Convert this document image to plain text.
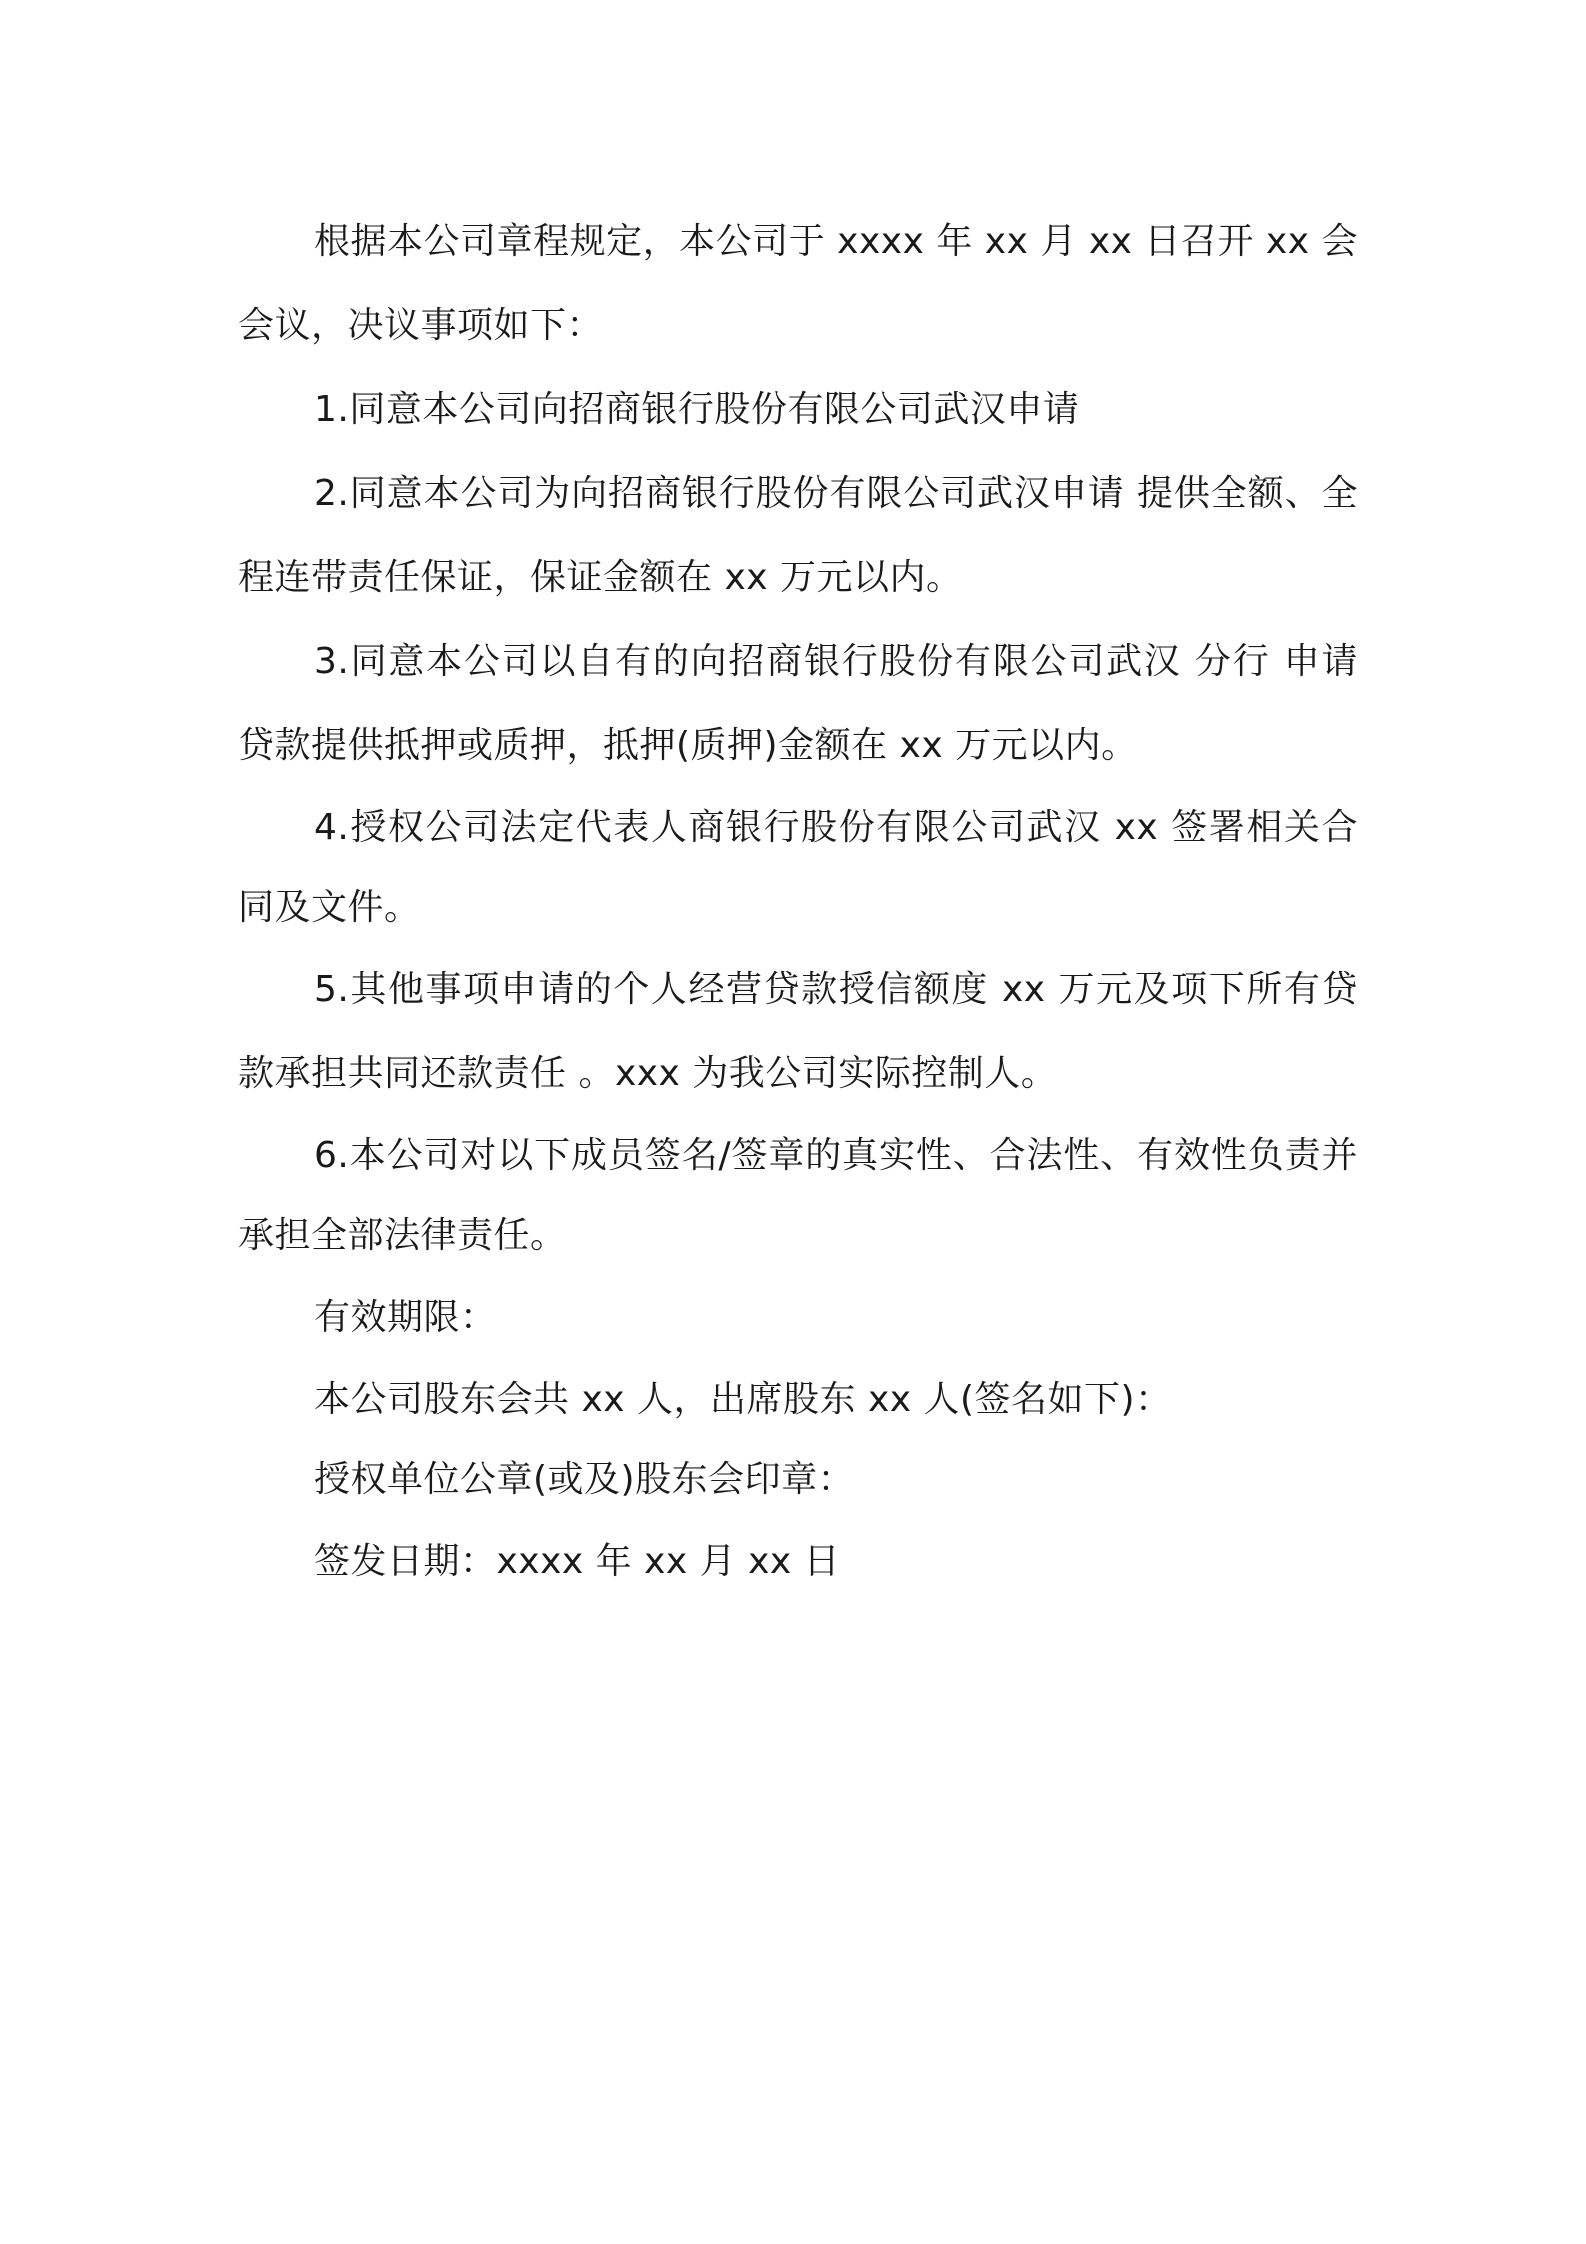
根据本公司章程规定，本公司于 xxxx 年 xx 月 xx 日召开 xx 会会议，决议事项如下：

1.同意本公司向招商银行股份有限公司武汉申请

2.同意本公司为向招商银行股份有限公司武汉申请 提供全额、全程连带责任保证，保证金额在 xx 万元以内。

3.同意本公司以自有的向招商银行股份有限公司武汉 分行 申请 贷款提供抵押或质押，抵押(质押)金额在 xx 万元以内。

4.授权公司法定代表人商银行股份有限公司武汉 xx 签署相关合同及文件。

5.其他事项申请的个人经营贷款授信额度 xx 万元及项下所有贷款承担共同还款责任 。xxx 为我公司实际控制人。

6.本公司对以下成员签名/签章的真实性、合法性、有效性负责并承担全部法律责任。

有效期限：

本公司股东会共 xx 人，出席股东 xx 人(签名如下)：

授权单位公章(或及)股东会印章：

签发日期：xxxx 年 xx 月 xx 日
